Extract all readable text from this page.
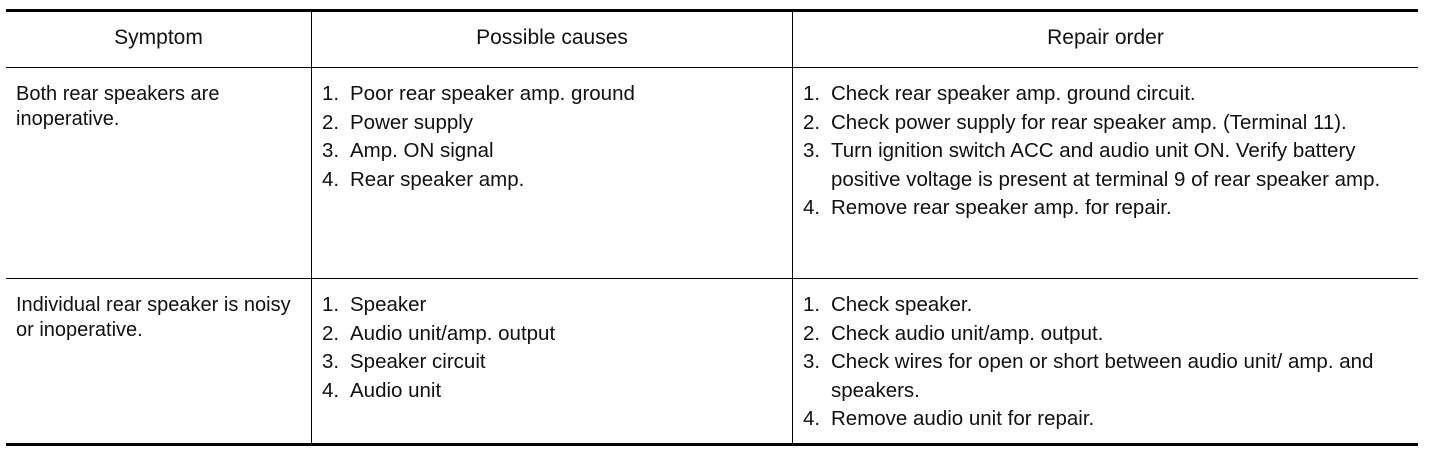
Symptom	Possible causes	Repair order
Both rear speakers are inoperative.
1. Poor rear speaker amp. ground
2. Power supply
3. Amp. ON signal
4. Rear speaker amp.
1. Check rear speaker amp. ground circuit.
2. Check power supply for rear speaker amp. (Terminal 11).
3. Turn ignition switch ACC and audio unit ON. Verify battery positive voltage is present at terminal 9 of rear speaker amp.
4. Remove rear speaker amp. for repair.
Individual rear speaker is noisy or inoperative.
1. Speaker
2. Audio unit/amp. output
3. Speaker circuit
4. Audio unit
1. Check speaker.
2. Check audio unit/amp. output.
3. Check wires for open or short between audio unit/ amp. and speakers.
4. Remove audio unit for repair.
